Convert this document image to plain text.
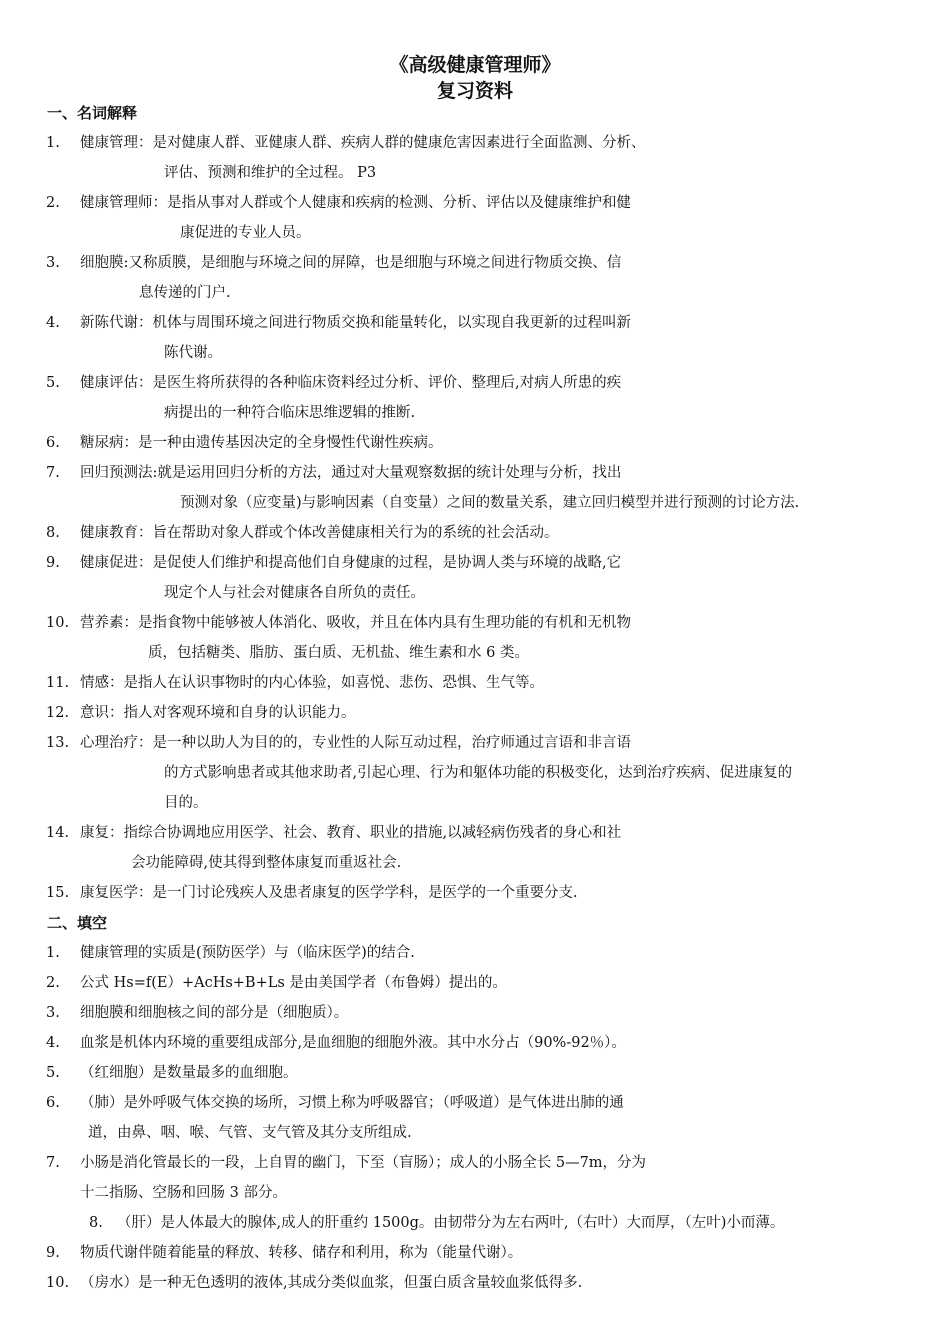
《高级健康管理师》
复习资料
一、名词解释
1. 健康管理：是对健康人群、亚健康人群、疾病人群的健康危害因素进行全面监测、分析、
评估、预测和维护的全过程。 P3
2. 健康管理师：是指从事对人群或个人健康和疾病的检测、分析、评估以及健康维护和健
康促进的专业人员。
3. 细胞膜:又称质膜，是细胞与环境之间的屏障，也是细胞与环境之间进行物质交换、信
息传递的门户.
4. 新陈代谢：机体与周围环境之间进行物质交换和能量转化，以实现自我更新的过程叫新
陈代谢。
5. 健康评估：是医生将所获得的各种临床资料经过分析、评价、整理后,对病人所患的疾
病提出的一种符合临床思维逻辑的推断.
6. 糖尿病：是一种由遗传基因决定的全身慢性代谢性疾病。
7. 回归预测法:就是运用回归分析的方法，通过对大量观察数据的统计处理与分析，找出
预测对象（应变量)与影响因素（自变量）之间的数量关系，建立回归模型并进行预测的讨论方法.
8. 健康教育：旨在帮助对象人群或个体改善健康相关行为的系统的社会活动。
9. 健康促进：是促使人们维护和提高他们自身健康的过程，是协调人类与环境的战略,它
现定个人与社会对健康各自所负的责任。
10. 营养素：是指食物中能够被人体消化、吸收，并且在体内具有生理功能的有机和无机物
质，包括糖类、脂肪、蛋白质、无机盐、维生素和水 6 类。
11. 情感：是指人在认识事物时的内心体验，如喜悦、悲伤、恐惧、生气等。
12. 意识：指人对客观环境和自身的认识能力。
13. 心理治疗：是一种以助人为目的的，专业性的人际互动过程，治疗师通过言语和非言语
的方式影响患者或其他求助者,引起心理、行为和躯体功能的积极变化，达到治疗疾病、促进康复的
目的。
14. 康复：指综合协调地应用医学、社会、教育、职业的措施,以减轻病伤残者的身心和社
会功能障碍,使其得到整体康复而重返社会.
15. 康复医学：是一门讨论残疾人及患者康复的医学学科，是医学的一个重要分支.
二、填空
1. 健康管理的实质是(预防医学）与（临床医学)的结合.
2. 公式 Hs=f(E）+AcHs+B+Ls 是由美国学者（布鲁姆）提出的。
3. 细胞膜和细胞核之间的部分是（细胞质）。
4. 血浆是机体内环境的重要组成部分,是血细胞的细胞外液。其中水分占（90%-92％）。
5. （红细胞）是数量最多的血细胞。
6. （肺）是外呼吸气体交换的场所，习惯上称为呼吸器官；（呼吸道）是气体进出肺的通
道，由鼻、咽、喉、气管、支气管及其分支所组成.
7. 小肠是消化管最长的一段，上自胃的幽门，下至（盲肠）；成人的小肠全长 5—7m，分为
十二指肠、空肠和回肠 3 部分。
8. （肝）是人体最大的腺体,成人的肝重约 1500g。由韧带分为左右两叶,（右叶）大而厚，（左叶)小而薄。
9. 物质代谢伴随着能量的释放、转移、储存和利用，称为（能量代谢）。
10. （房水）是一种无色透明的液体,其成分类似血浆，但蛋白质含量较血浆低得多.
